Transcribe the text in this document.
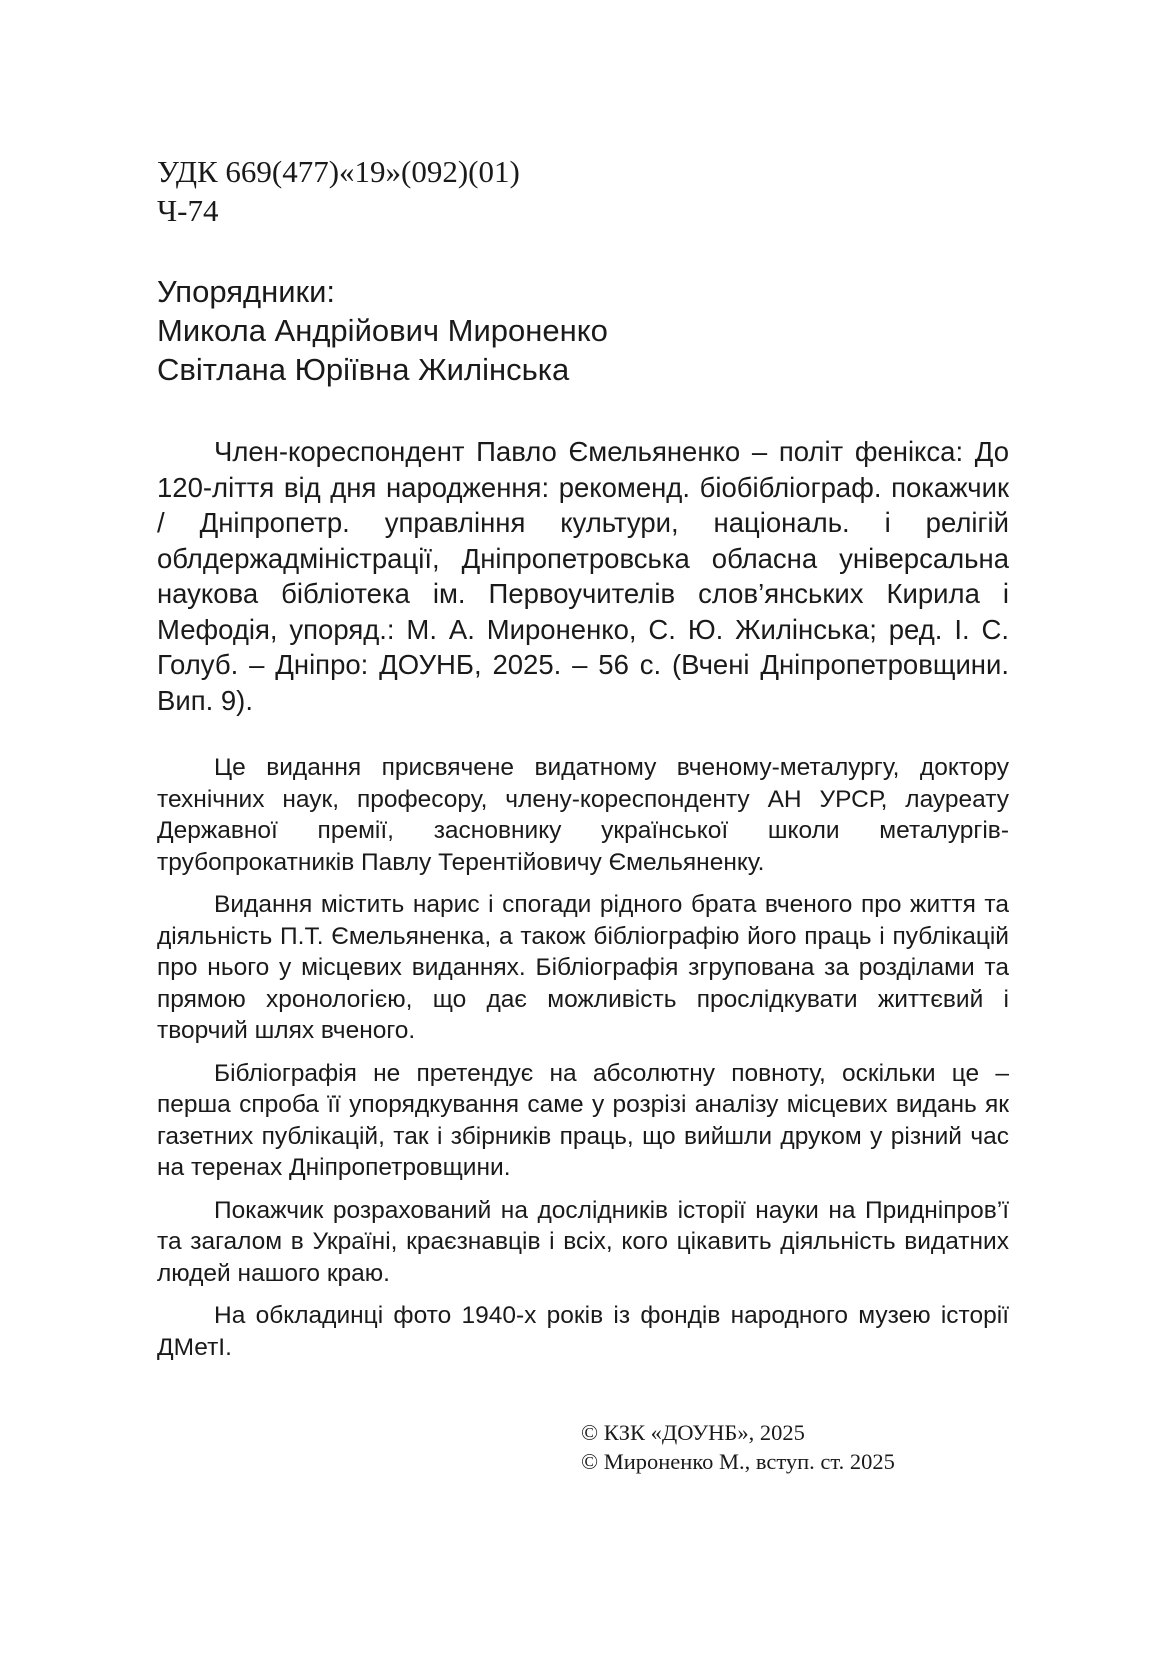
УДК 669(477)«19»(092)(01)
Ч-74
Упорядники:
Микола Андрійович Мироненко
Світлана Юріївна Жилінська

Член-кореспондент Павло Ємельяненко – політ фенікса: До 120-ліття від дня народження: рекоменд. біобібліограф. покажчик / Дніпропетр. управління культури, національ. і релігій облдержадміністрації, Дніпропетровська обласна універсальна наукова бібліотека ім. Первоучителів слов’янських Кирила і Мефодія, упоряд.: М. А. Мироненко, С. Ю. Жилінська; ред. І. С. Голуб. – Дніпро: ДОУНБ, 2025. – 56 с. (Вчені Дніпропетровщини. Вип. 9).

Це видання присвячене видатному вченому-металургу, доктору технічних наук, професору, члену-кореспонденту АН УРСР, лауреату Державної премії, засновнику української школи металургів-трубопрокатників Павлу Терентійовичу Ємельяненку.

Видання містить нарис і спогади рідного брата вченого про життя та діяльність П.Т. Ємельяненка, а також бібліографію його праць і публікацій про нього у місцевих виданнях. Бібліографія згрупована за розділами та прямою хронологією, що дає можливість прослідкувати життєвий і творчий шлях вченого.

Бібліографія не претендує на абсолютну повноту, оскільки це – перша спроба її упорядкування саме у розрізі аналізу місцевих видань як газетних публікацій, так і збірників праць, що вийшли друком у різний час на теренах Дніпропетровщини.

Покажчик розрахований на дослідників історії науки на Придніпров’ї та загалом в Україні, краєзнавців і всіх, кого цікавить діяльність видатних людей нашого краю.

На обкладинці фото 1940-х років із фондів народного музею історії ДМетІ.

© КЗК «ДОУНБ», 2025
© Мироненко М., вступ. ст. 2025
